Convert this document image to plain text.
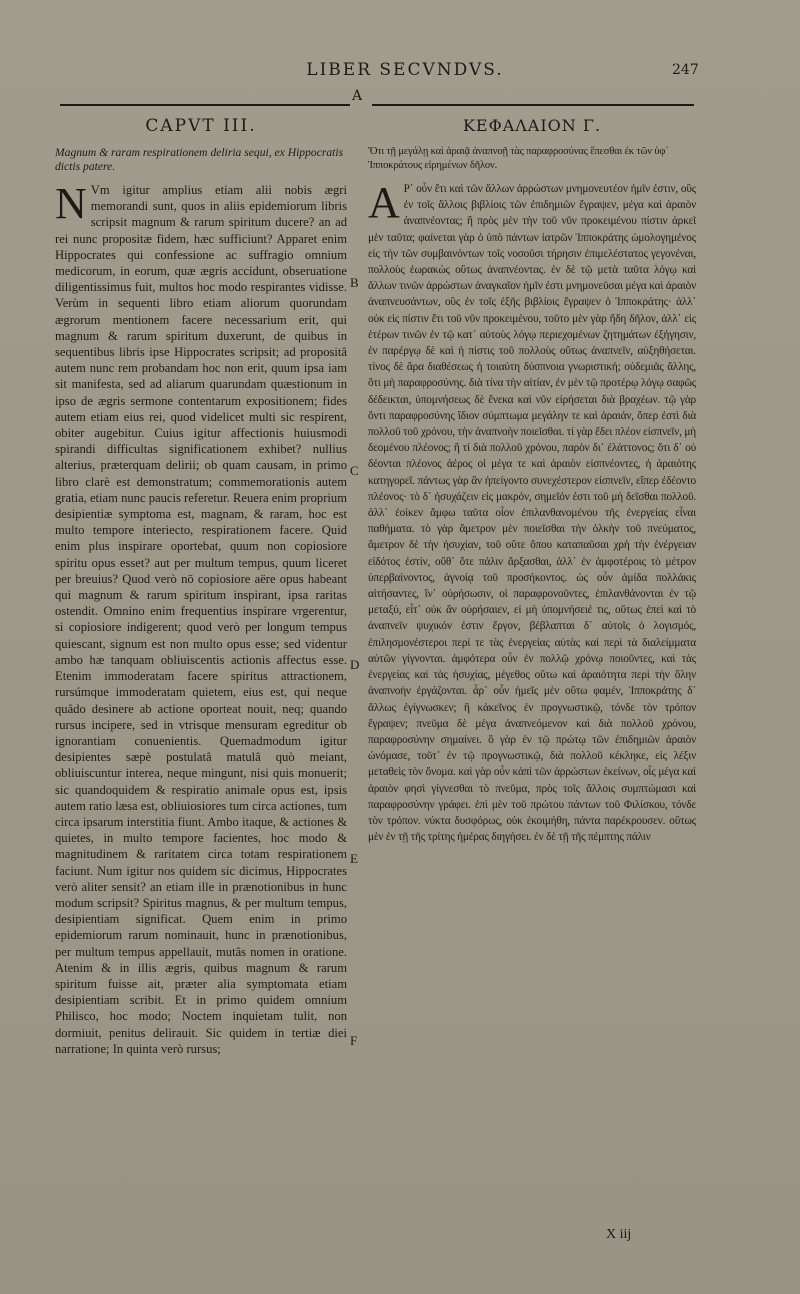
LIBER SECVNDVS.	247
A
CAPVT III.

Magnum & raram respirationem deliria sequi, ex Hippocratis dictis patere.

N Vm igitur amplius etiam alii nobis ægri memorandi sunt, quos in aliis epidemiorum libris scripsit magnum & rarum spiritum ducere? an ad rei nunc propositæ fidem, hæc sufficiunt? Apparet enim Hippocrates qui confessione ac suffragio omnium medicorum, in eorum, quæ ægris accidunt, obseruatione diligentissimus fuit, multos hoc modo respirantes vidisse. Verùm in sequenti libro etiam aliorum quorundam ægrorum mentionem facere necessarium erit, qui magnum & rarum spiritum duxerunt, de quibus in sequentibus libris ipse Hippocrates scripsit; ad propositâ autem nunc rem probandam hoc non erit, quum ipsa iam sit manifesta, sed ad aliarum quarundam quæstionum in ipso de ægris sermone contentarum expositionem; fides autem etiam eius rei, quod videlicet multi sic respirent, obiter augebitur. Cuius igitur affectionis huiusmodi spirandi difficultas significationem exhibet? nullius alterius, præterquam delirii; ob quam causam, in primo libro clarè est demonstratum; commemorationis autem gratia, etiam nunc paucis referetur. Reuera enim proprium desipientiæ symptoma est, magnam, & raram, hoc est multo tempore interiecto, respirationem facere. Quid enim plus inspirare oportebat, quum non copiosiore spiritu opus esset? aut per multum tempus, quum liceret per breuius? Quod verò nō copiosiore aëre opus habeant qui magnum & rarum spiritum inspirant, ipsa raritas ostendit. Omnino enim frequentius inspirare vrgerentur, si copiosiore indigerent; quod verò per longum tempus quiescant, signum est non multo opus esse; sed videntur ambo hæ tanquam obliuiscentis actionis affectus esse. Etenim immoderatam facere spiritus attractionem, rursúmque immoderatam quietem, eius est, qui neque quâdo desinere ab actione oporteat nouit, neq; quando rursus incipere, sed in vtrisque mensuram egreditur ob ignorantiam conuenientis. Quemadmodum igitur desipientes sæpè postulatâ matulâ quò meiant, obliuiscuntur interea, neque mingunt, nisi quis monuerit; sic quandoquidem & respiratio animale opus est, ipsis autem ratio læsa est, obliuiosiores tum circa actiones, tum circa ipsarum interstitia fiunt. Ambo itaque, & actiones & quietes, in multo tempore facientes, hoc modo & magnitudinem & raritatem circa totam respirationem faciunt. Num igitur nos quidem sic dicimus, Hippocrates verò aliter sensit? an etiam ille in prænotionibus in hunc modum scripsit? Spiritus magnus, & per multum tempus, desipientiam significat. Quem enim in primo epidemiorum rarum nominauit, hunc in prænotionibus, per multum tempus appellauit, mutâs nomen in oratione. Atenim & in illis ægris, quibus magnum & rarum spiritum fuisse ait, præter alia symptomata etiam desipientiam scribit. Et in primo quidem omnium Philisco, hoc modo; Noctem inquietam tulit, non dormiuit, penitus delirauit. Sic quidem in tertiæ diei narratione; In quinta verò rursus;

ΚΕΦΑΛΑΙΟΝ Γ.

Ὅτι τῇ μεγάλῃ καὶ ἀραιᾷ ἀναπνοῇ τὰς παραφροσύνας ἕπεσθαι ἐκ τῶν ὑφ᾽ Ἱπποκράτους εἰρημένων δῆλον.

Α Ρ᾽ οὖν ἔτι καὶ τῶν ἄλλων ἀρρώστων μνημονευτέον ἡμῖν ἐστιν, οὓς ἐν τοῖς ἄλλοις βιβλίοις τῶν ἐπιδημιῶν ἔγραψεν, μέγα καὶ ἀραιὸν ἀναπνέοντας; ἢ πρὸς μὲν τὴν τοῦ νῦν προκειμένου πίστιν ἀρκεῖ μὲν ταῦτα; φαίνεται γὰρ ὁ ὑπὸ πάντων ἰατρῶν Ἱπποκράτης ὡμολογημένος εἰς τὴν τῶν συμβαινόντων τοῖς νοσοῦσι τήρησιν ἐπιμελέστατος γεγονέναι, πολλοὺς ἑωρακὼς οὕτως ἀναπνέοντας. ἐν δὲ τῷ μετὰ ταῦτα λόγῳ καὶ ἄλλων τινῶν ἀρρώστων ἀναγκαῖον ἡμῖν ἐστι μνημονεῦσαι μέγα καὶ ἀραιὸν ἀναπνευσάντων, οὓς ἐν τοῖς ἑξῆς βιβλίοις ἔγραψεν ὁ Ἱπποκράτης· ἀλλ᾽ οὐκ εἰς πίστιν ἔτι τοῦ νῦν προκειμένου, τοῦτο μὲν γὰρ ἤδη δῆλον, ἀλλ᾽ εἰς ἑτέρων τινῶν ἐν τῷ κατ᾽ αὐτοὺς λόγῳ περιεχομένων ζητημάτων ἐξήγησιν, ἐν παρέργῳ δὲ καὶ ἡ πίστις τοῦ πολλοὺς οὕτως ἀναπνεῖν, αὐξηθήσεται. τίνος δὲ ἄρα διαθέσεως ἡ τοιαύτη δύσπνοια γνωριστική; οὐδεμιᾶς ἄλλης, ὅτι μὴ παραφροσύνης. διὰ τίνα τὴν αἰτίαν, ἐν μὲν τῷ προτέρῳ λόγῳ σαφῶς δέδεικται, ὑπομνήσεως δὲ ἕνεκα καὶ νῦν εἰρήσεται διὰ βραχέων. τῷ γὰρ ὄντι παραφροσύνης ἴδιον σύμπτωμα μεγάλην τε καὶ ἀραιάν, ὅπερ ἐστὶ διὰ πολλοῦ τοῦ χρόνου, τὴν ἀναπνοὴν ποιεῖσθαι. τί γὰρ ἔδει πλέον εἰσπνεῖν, μὴ δεομένου πλέονος; ἢ τί διὰ πολλοῦ χρόνου, παρὸν δι᾽ ἐλάττονος; ὅτι δ᾽ οὐ δέονται πλέονος ἀέρος οἱ μέγα τε καὶ ἀραιὸν εἰσπνέοντες, ἡ ἀραιότης κατηγορεῖ. πάντως γὰρ ἂν ἠπείγοντο συνεχέστερον εἰσπνεῖν, εἴπερ ἐδέοντο πλέονος· τὸ δ᾽ ἡσυχάζειν εἰς μακρόν, σημεῖόν ἐστι τοῦ μὴ δεῖσθαι πολλοῦ. ἀλλ᾽ ἐοίκεν ἄμφω ταῦτα οἷον ἐπιλανθανομένου τῆς ἐνεργείας εἶναι παθήματα. τὸ γὰρ ἄμετρον μὲν ποιεῖσθαι τὴν ὁλκὴν τοῦ πνεύματος, ἄμετρον δὲ τὴν ἡσυχίαν, τοῦ οὔτε ὅπου καταπαῦσαι χρὴ τὴν ἐνέργειαν εἰδότος ἐστίν, οὔθ᾽ ὅτε πάλιν ἄρξασθαι, ἀλλ᾽ ἐν ἀμφοτέροις τὸ μέτρον ὑπερβαίνοντος, ἀγνοίᾳ τοῦ προσήκοντος. ὡς οὖν ἀμίδα πολλάκις αἰτήσαντες, ἵν᾽ οὐρήσωσιν, οἱ παραφρονοῦντες, ἐπιλανθάνονται ἐν τῷ μεταξύ, εἶτ᾽ οὐκ ἂν οὐρήσαιεν, εἰ μὴ ὑπομνήσειέ τις, οὕτως ἐπεὶ καὶ τὸ ἀναπνεῖν ψυχικόν ἐστιν ἔργον, βέβλαπται δ᾽ αὐτοῖς ὁ λογισμός, ἐπιλησμονέστεροι περί τε τὰς ἐνεργείας αὐτὰς καὶ περὶ τὰ διαλείμματα αὐτῶν γίγνονται. ἀμφότερα οὖν ἐν πολλῷ χρόνῳ ποιοῦντες, καὶ τὰς ἐνεργείας καὶ τὰς ἡσυχίας, μέγεθος οὕτω καὶ ἀραιότητα περὶ τὴν ὅλην ἀναπνοὴν ἐργάζονται. ἆρ᾽ οὖν ἡμεῖς μὲν οὕτω φαμέν, Ἱπποκράτης δ᾽ ἄλλως ἐγίγνωσκεν; ἢ κἀκεῖνος ἐν προγνωστικῷ, τόνδε τὸν τρόπον ἔγραψεν; πνεῦμα δὲ μέγα ἀναπνεόμενον καὶ διὰ πολλοῦ χρόνου, παραφροσύνην σημαίνει. ὃ γὰρ ἐν τῷ πρώτῳ τῶν ἐπιδημιῶν ἀραιὸν ὠνόμασε, τοῦτ᾽ ἐν τῷ προγνωστικῷ, διὰ πολλοῦ κέκληκε, εἰς λέξιν μεταθεὶς τὸν ὄνομα. καὶ γὰρ οὖν κἀπὶ τῶν ἀρρώστων ἐκείνων, οἷς μέγα καὶ ἀραιὸν φησὶ γίγνεσθαι τὸ πνεῦμα, πρὸς τοῖς ἄλλοις συμπτώμασι καὶ παραφροσύνην γράφει. ἐπὶ μὲν τοῦ πρώτου πάντων τοῦ Φιλίσκου, τόνδε τὸν τρόπον. νύκτα δυσφόρως, οὐκ ἐκοιμήθη, πάντα παρέκρουσεν. οὕτως μὲν ἐν τῇ τῆς τρίτης ἡμέρας διηγήσει. ἐν δὲ τῇ τῆς πέμπτης πάλιν

B
C
D
E
F
X iij
